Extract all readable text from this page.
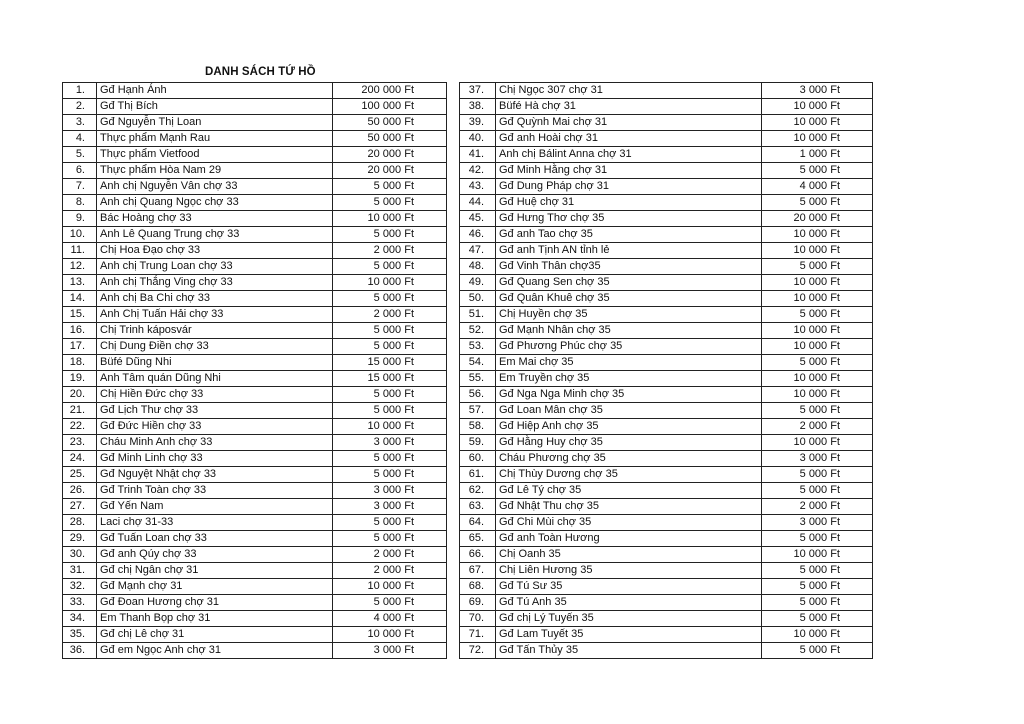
DANH SÁCH TỨ HỒ
1.	Gđ Hạnh Ánh	200 000 Ft
2.	Gđ Thị Bích	100 000 Ft
3.	Gđ Nguyễn Thị Loan	50 000 Ft
4.	Thực phẩm Mạnh Rau	50 000 Ft
5.	Thực phẩm Vietfood	20 000 Ft
6.	Thực phẩm Hòa Nam 29	20 000 Ft
7.	Anh chị Nguyễn Vân chợ 33	5 000 Ft
8.	Anh chị Quang Ngọc chợ 33	5 000 Ft
9.	Bác Hoàng chợ 33	10 000 Ft
10.	Anh Lê Quang Trung chợ 33	5 000 Ft
11.	Chị Hoa Đạo chợ 33	2 000 Ft
12.	Anh chị Trung Loan chợ 33	5 000 Ft
13.	Anh chị Thắng Ving chợ 33	10 000 Ft
14.	Anh chị Ba Chi chợ 33	5 000 Ft
15.	Anh Chị Tuấn Hải chợ 33	2 000 Ft
16.	Chị Trinh káposvár	5 000 Ft
17.	Chị Dung Điền chợ 33	5 000 Ft
18.	Büfé Dũng Nhi	15 000 Ft
19.	Anh Tâm quán Dũng Nhi	15 000 Ft
20.	Chị Hiền Đức chợ 33	5 000 Ft
21.	Gđ Lịch Thư chợ 33	5 000 Ft
22.	Gđ Đức Hiền chợ 33	10 000 Ft
23.	Cháu Minh Anh chợ 33	3 000 Ft
24.	Gđ Minh Linh chợ 33	5 000 Ft
25.	Gđ Nguyệt Nhật chợ 33	5 000 Ft
26.	Gđ Trinh Toàn chợ 33	3 000 Ft
27.	Gđ Yến Nam	3 000 Ft
28.	Laci chợ 31-33	5 000 Ft
29.	Gđ Tuấn Loan chợ 33	5 000 Ft
30.	Gđ anh Qúy chợ 33	2 000 Ft
31.	Gđ chị Ngân chợ 31	2 000 Ft
32.	Gđ Mạnh chợ 31	10 000 Ft
33.	Gđ Đoan Hương chợ 31	5 000 Ft
34.	Em Thanh Bọp chợ 31	4 000 Ft
35.	Gđ chị Lê chợ 31	10 000 Ft
36.	Gđ em Ngọc Anh chợ 31	3 000 Ft
37.	Chị Ngọc 307 chợ 31	3 000 Ft
38.	Büfé Hà chợ 31	10 000 Ft
39.	Gđ Quỳnh Mai chợ 31	10 000 Ft
40.	Gđ anh Hoài chợ 31	10 000 Ft
41.	Anh chị Bálint Anna chợ 31	1 000 Ft
42.	Gđ Minh Hằng chợ 31	5 000 Ft
43.	Gđ Dung Pháp chợ 31	4 000 Ft
44.	Gđ Huệ chợ 31	5 000 Ft
45.	Gđ Hưng Thơ chợ 35	20 000 Ft
46.	Gđ anh Tao chợ 35	10 000 Ft
47.	Gđ anh Tịnh AN tỉnh lẻ	10 000 Ft
48.	Gđ Vinh Thân chợ35	5 000 Ft
49.	Gđ Quang Sen chợ 35	10 000 Ft
50.	Gđ Quân Khuê chợ 35	10 000 Ft
51.	Chị Huyền chợ 35	5 000 Ft
52.	Gđ Mạnh Nhân chợ 35	10 000 Ft
53.	Gđ Phương Phúc chợ 35	10 000 Ft
54.	Em Mai chợ 35	5 000 Ft
55.	Em Truyền chợ 35	10 000 Ft
56.	Gđ Nga Nga Minh chợ 35	10 000 Ft
57.	Gđ Loan Mân chợ 35	5 000 Ft
58.	Gđ Hiệp Anh chợ 35	2 000 Ft
59.	Gđ Hằng Huy chợ 35	10 000 Ft
60.	Cháu Phương chợ 35	3 000 Ft
61.	Chị Thùy Dương chợ 35	5 000 Ft
62.	Gđ Lê Tý chợ 35	5 000 Ft
63.	Gđ Nhật Thu chợ 35	2 000 Ft
64.	Gđ Chi Mùi chợ 35	3 000 Ft
65.	Gđ anh Toàn Hương	5 000 Ft
66.	Chị Oanh 35	10 000 Ft
67.	Chị Liên Hương 35	5 000 Ft
68.	Gđ Tú Sư 35	5 000 Ft
69.	Gđ Tú Anh 35	5 000 Ft
70.	Gđ chị Lý Tuyến 35	5 000 Ft
71.	Gđ Lam Tuyết 35	10 000 Ft
72.	Gđ Tấn Thủy 35	5 000 Ft
